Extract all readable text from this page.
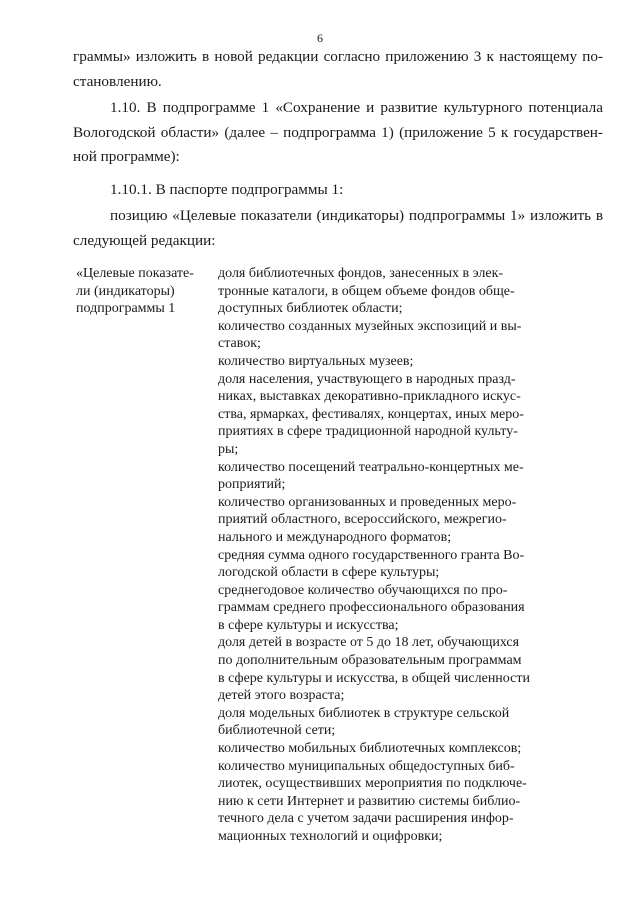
6
граммы» изложить в новой редакции согласно приложению 3 к настоящему по-
становлению.
1.10. В подпрограмме 1 «Сохранение и развитие культурного потенциала
Вологодской области» (далее – подпрограмма 1) (приложение 5 к государствен-
ной программе):
1.10.1. В паспорте подпрограммы 1:
позицию «Целевые показатели (индикаторы) подпрограммы 1» изложить в
следующей редакции:
«Целевые показате-
ли (индикаторы)
подпрограммы 1
доля библиотечных фондов, занесенных в элек-
тронные каталоги, в общем объеме фондов обще-
доступных библиотек области;
количество созданных музейных экспозиций и вы-
ставок;
количество виртуальных музеев;
доля населения, участвующего в народных празд-
никах, выставках декоративно-прикладного искус-
ства, ярмарках, фестивалях, концертах, иных меро-
приятиях в сфере традиционной народной культу-
ры;
количество посещений театрально-концертных ме-
роприятий;
количество организованных и проведенных меро-
приятий областного, всероссийского, межрегио-
нального и международного форматов;
средняя сумма одного государственного гранта Во-
логодской области в сфере культуры;
среднегодовое количество обучающихся по про-
граммам среднего профессионального образования
в сфере культуры и искусства;
доля детей в возрасте от 5 до 18 лет, обучающихся
по дополнительным образовательным программам
в сфере культуры и искусства, в общей численности
детей этого возраста;
доля модельных библиотек в структуре сельской
библиотечной сети;
количество мобильных библиотечных комплексов;
количество муниципальных общедоступных биб-
лиотек, осуществивших мероприятия по подключе-
нию к сети Интернет и развитию системы библио-
течного дела с учетом задачи расширения инфор-
мационных технологий и оцифровки;
